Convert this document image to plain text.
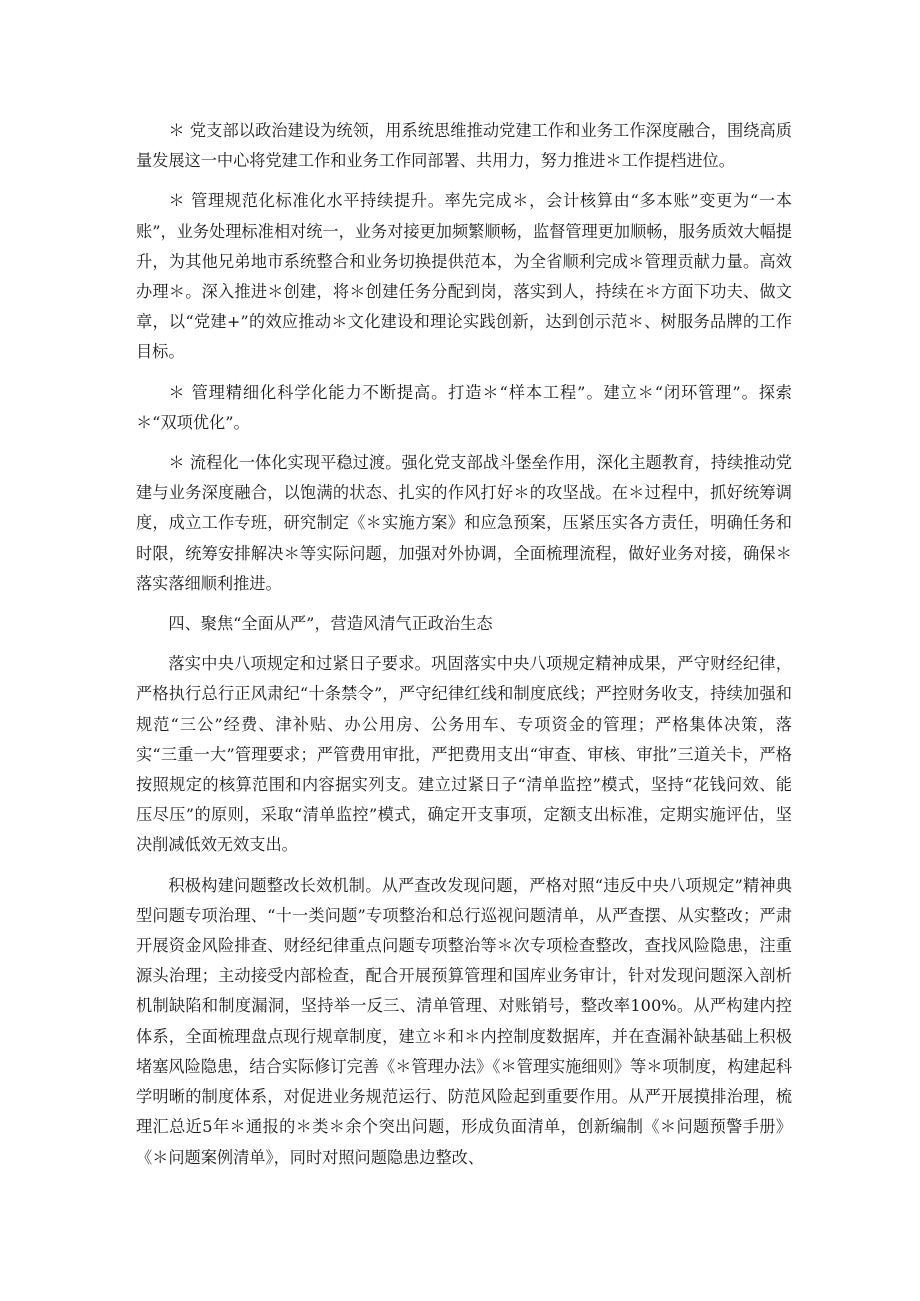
＊ 党支部以政治建设为统领，用系统思维推动党建工作和业务工作深度融合，围绕高质量发展这一中心将党建工作和业务工作同部署、共用力，努力推进＊工作提档进位。

＊ 管理规范化标准化水平持续提升。率先完成＊，会计核算由“多本账”变更为“一本账”，业务处理标准相对统一，业务对接更加频繁顺畅，监督管理更加顺畅，服务质效大幅提升，为其他兄弟地市系统整合和业务切换提供范本，为全省顺利完成＊管理贡献力量。高效办理＊。深入推进＊创建，将＊创建任务分配到岗，落实到人，持续在＊方面下功夫、做文章，以“党建+”的效应推动＊文化建设和理论实践创新，达到创示范＊、树服务品牌的工作目标。

＊ 管理精细化科学化能力不断提高。打造＊“样本工程”。建立＊“闭环管理”。探索＊“双项优化”。

＊ 流程化一体化实现平稳过渡。强化党支部战斗堡垒作用，深化主题教育，持续推动党建与业务深度融合，以饱满的状态、扎实的作风打好＊的攻坚战。在＊过程中，抓好统筹调度，成立工作专班，研究制定《＊实施方案》和应急预案，压紧压实各方责任，明确任务和时限，统筹安排解决＊等实际问题，加强对外协调，全面梳理流程，做好业务对接，确保＊落实落细顺利推进。

四、聚焦“全面从严”，营造风清气正政治生态

落实中央八项规定和过紧日子要求。巩固落实中央八项规定精神成果，严守财经纪律，严格执行总行正风肃纪“十条禁令”，严守纪律红线和制度底线；严控财务收支，持续加强和规范“三公”经费、津补贴、办公用房、公务用车、专项资金的管理；严格集体决策，落实“三重一大”管理要求；严管费用审批，严把费用支出“审查、审核、审批”三道关卡，严格按照规定的核算范围和内容据实列支。建立过紧日子“清单监控”模式，坚持“花钱问效、能压尽压”的原则，采取“清单监控”模式，确定开支事项，定额支出标准，定期实施评估，坚决削减低效无效支出。

积极构建问题整改长效机制。从严查改发现问题，严格对照“违反中央八项规定”精神典型问题专项治理、“十一类问题”专项整治和总行巡视问题清单，从严查摆、从实整改；严肃开展资金风险排查、财经纪律重点问题专项整治等＊次专项检查整改，查找风险隐患，注重源头治理；主动接受内部检查，配合开展预算管理和国库业务审计，针对发现问题深入剖析机制缺陷和制度漏洞，坚持举一反三、清单管理、对账销号，整改率100%。从严构建内控体系，全面梳理盘点现行规章制度，建立＊和＊内控制度数据库，并在查漏补缺基础上积极堵塞风险隐患，结合实际修订完善《＊管理办法》《＊管理实施细则》等＊项制度，构建起科学明晰的制度体系，对促进业务规范运行、防范风险起到重要作用。从严开展摸排治理，梳理汇总近5年＊通报的＊类＊余个突出问题，形成负面清单，创新编制《＊问题预警手册》《＊问题案例清单》，同时对照问题隐患边整改、
